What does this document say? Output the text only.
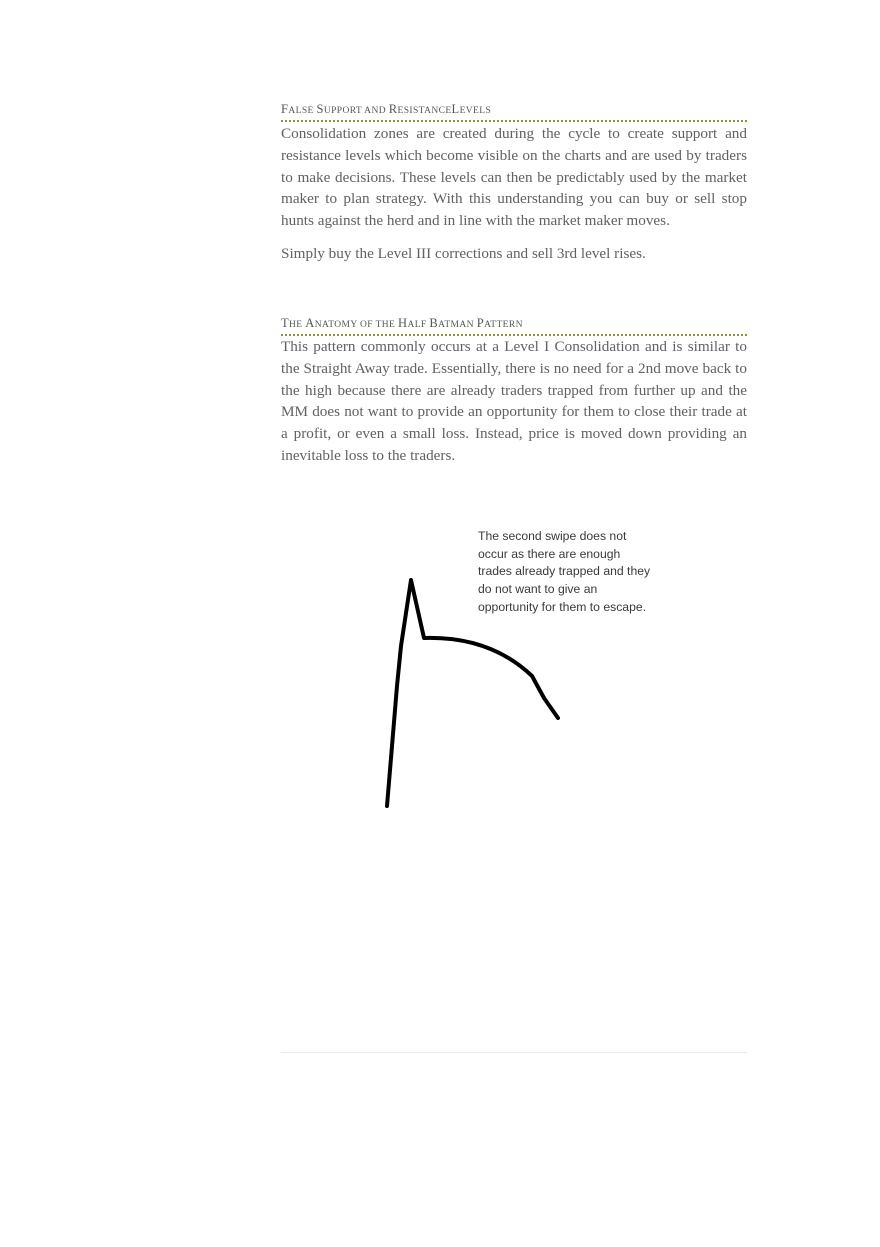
FALSE SUPPORT AND RESISTANCELEVELS

Consolidation zones are created during the cycle to create support and resistance levels which become visible on the charts and are used by traders to make decisions. These levels can then be predictably used by the market maker to plan strategy. With this understanding you can buy or sell stop hunts against the herd and in line with the market maker moves.

Simply buy the Level III corrections and sell 3rd level rises.

THE ANATOMY OF THE HALF BATMAN PATTERN

This pattern commonly occurs at a Level I Consolidation and is similar to the Straight Away trade. Essentially, there is no need for a 2nd move back to the high because there are already traders trapped from further up and the MM does not want to provide an opportunity for them to close their trade at a profit, or even a small loss. Instead, price is moved down providing an inevitable loss to the traders.

The second swipe does not occur as there are enough trades already trapped and they do not want to give an opportunity for them to escape.
